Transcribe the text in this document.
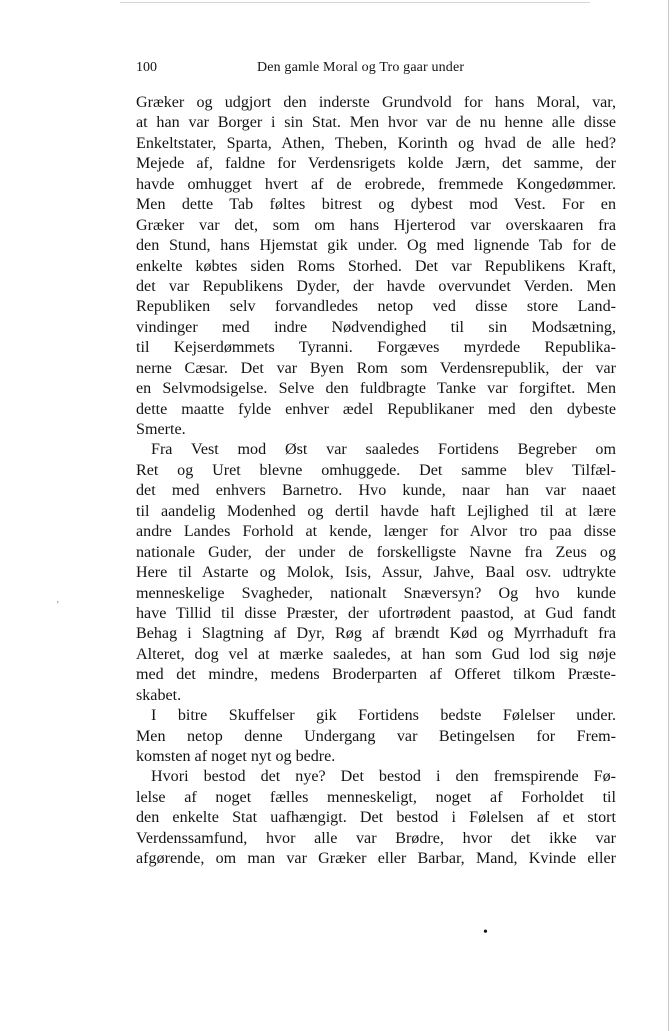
100	Den gamle Moral og Tro gaar under
Græker og udgjort den inderste Grundvold for hans Moral, var,
at han var Borger i sin Stat. Men hvor var de nu henne alle disse
Enkeltstater, Sparta, Athen, Theben, Korinth og hvad de alle hed?
Mejede af, faldne for Verdensrigets kolde Jærn, det samme, der
havde omhugget hvert af de erobrede, fremmede Kongedømmer.
Men dette Tab føltes bitrest og dybest mod Vest. For en
Græker var det, som om hans Hjerterod var overskaaren fra
den Stund, hans Hjemstat gik under. Og med lignende Tab for de
enkelte købtes siden Roms Storhed. Det var Republikens Kraft,
det var Republikens Dyder, der havde overvundet Verden. Men
Republiken selv forvandledes netop ved disse store Land-
vindinger med indre Nødvendighed til sin Modsætning,
til Kejserdømmets Tyranni. Forgæves myrdede Republika-
nerne Cæsar. Det var Byen Rom som Verdensrepublik, der var
en Selvmodsigelse. Selve den fuldbragte Tanke var forgiftet. Men
dette maatte fylde enhver ædel Republikaner med den dybeste
Smerte.
Fra Vest mod Øst var saaledes Fortidens Begreber om
Ret og Uret blevne omhuggede. Det samme blev Tilfæl-
det med enhvers Barnetro. Hvo kunde, naar han var naaet
til aandelig Modenhed og dertil havde haft Lejlighed til at lære
andre Landes Forhold at kende, længer for Alvor tro paa disse
nationale Guder, der under de forskelligste Navne fra Zeus og
Here til Astarte og Molok, Isis, Assur, Jahve, Baal osv. udtrykte
menneskelige Svagheder, nationalt Snæversyn? Og hvo kunde
have Tillid til disse Præster, der ufortrødent paastod, at Gud fandt
Behag i Slagtning af Dyr, Røg af brændt Kød og Myrrhaduft fra
Alteret, dog vel at mærke saaledes, at han som Gud lod sig nøje
med det mindre, medens Broderparten af Offeret tilkom Præste-
skabet.
I bitre Skuffelser gik Fortidens bedste Følelser under.
Men netop denne Undergang var Betingelsen for Frem-
komsten af noget nyt og bedre.
Hvori bestod det nye? Det bestod i den fremspirende Fø-
lelse af noget fælles menneskeligt, noget af Forholdet til
den enkelte Stat uafhængigt. Det bestod i Følelsen af et stort
Verdenssamfund, hvor alle var Brødre, hvor det ikke var
afgørende, om man var Græker eller Barbar, Mand, Kvinde eller
ʼ
•
